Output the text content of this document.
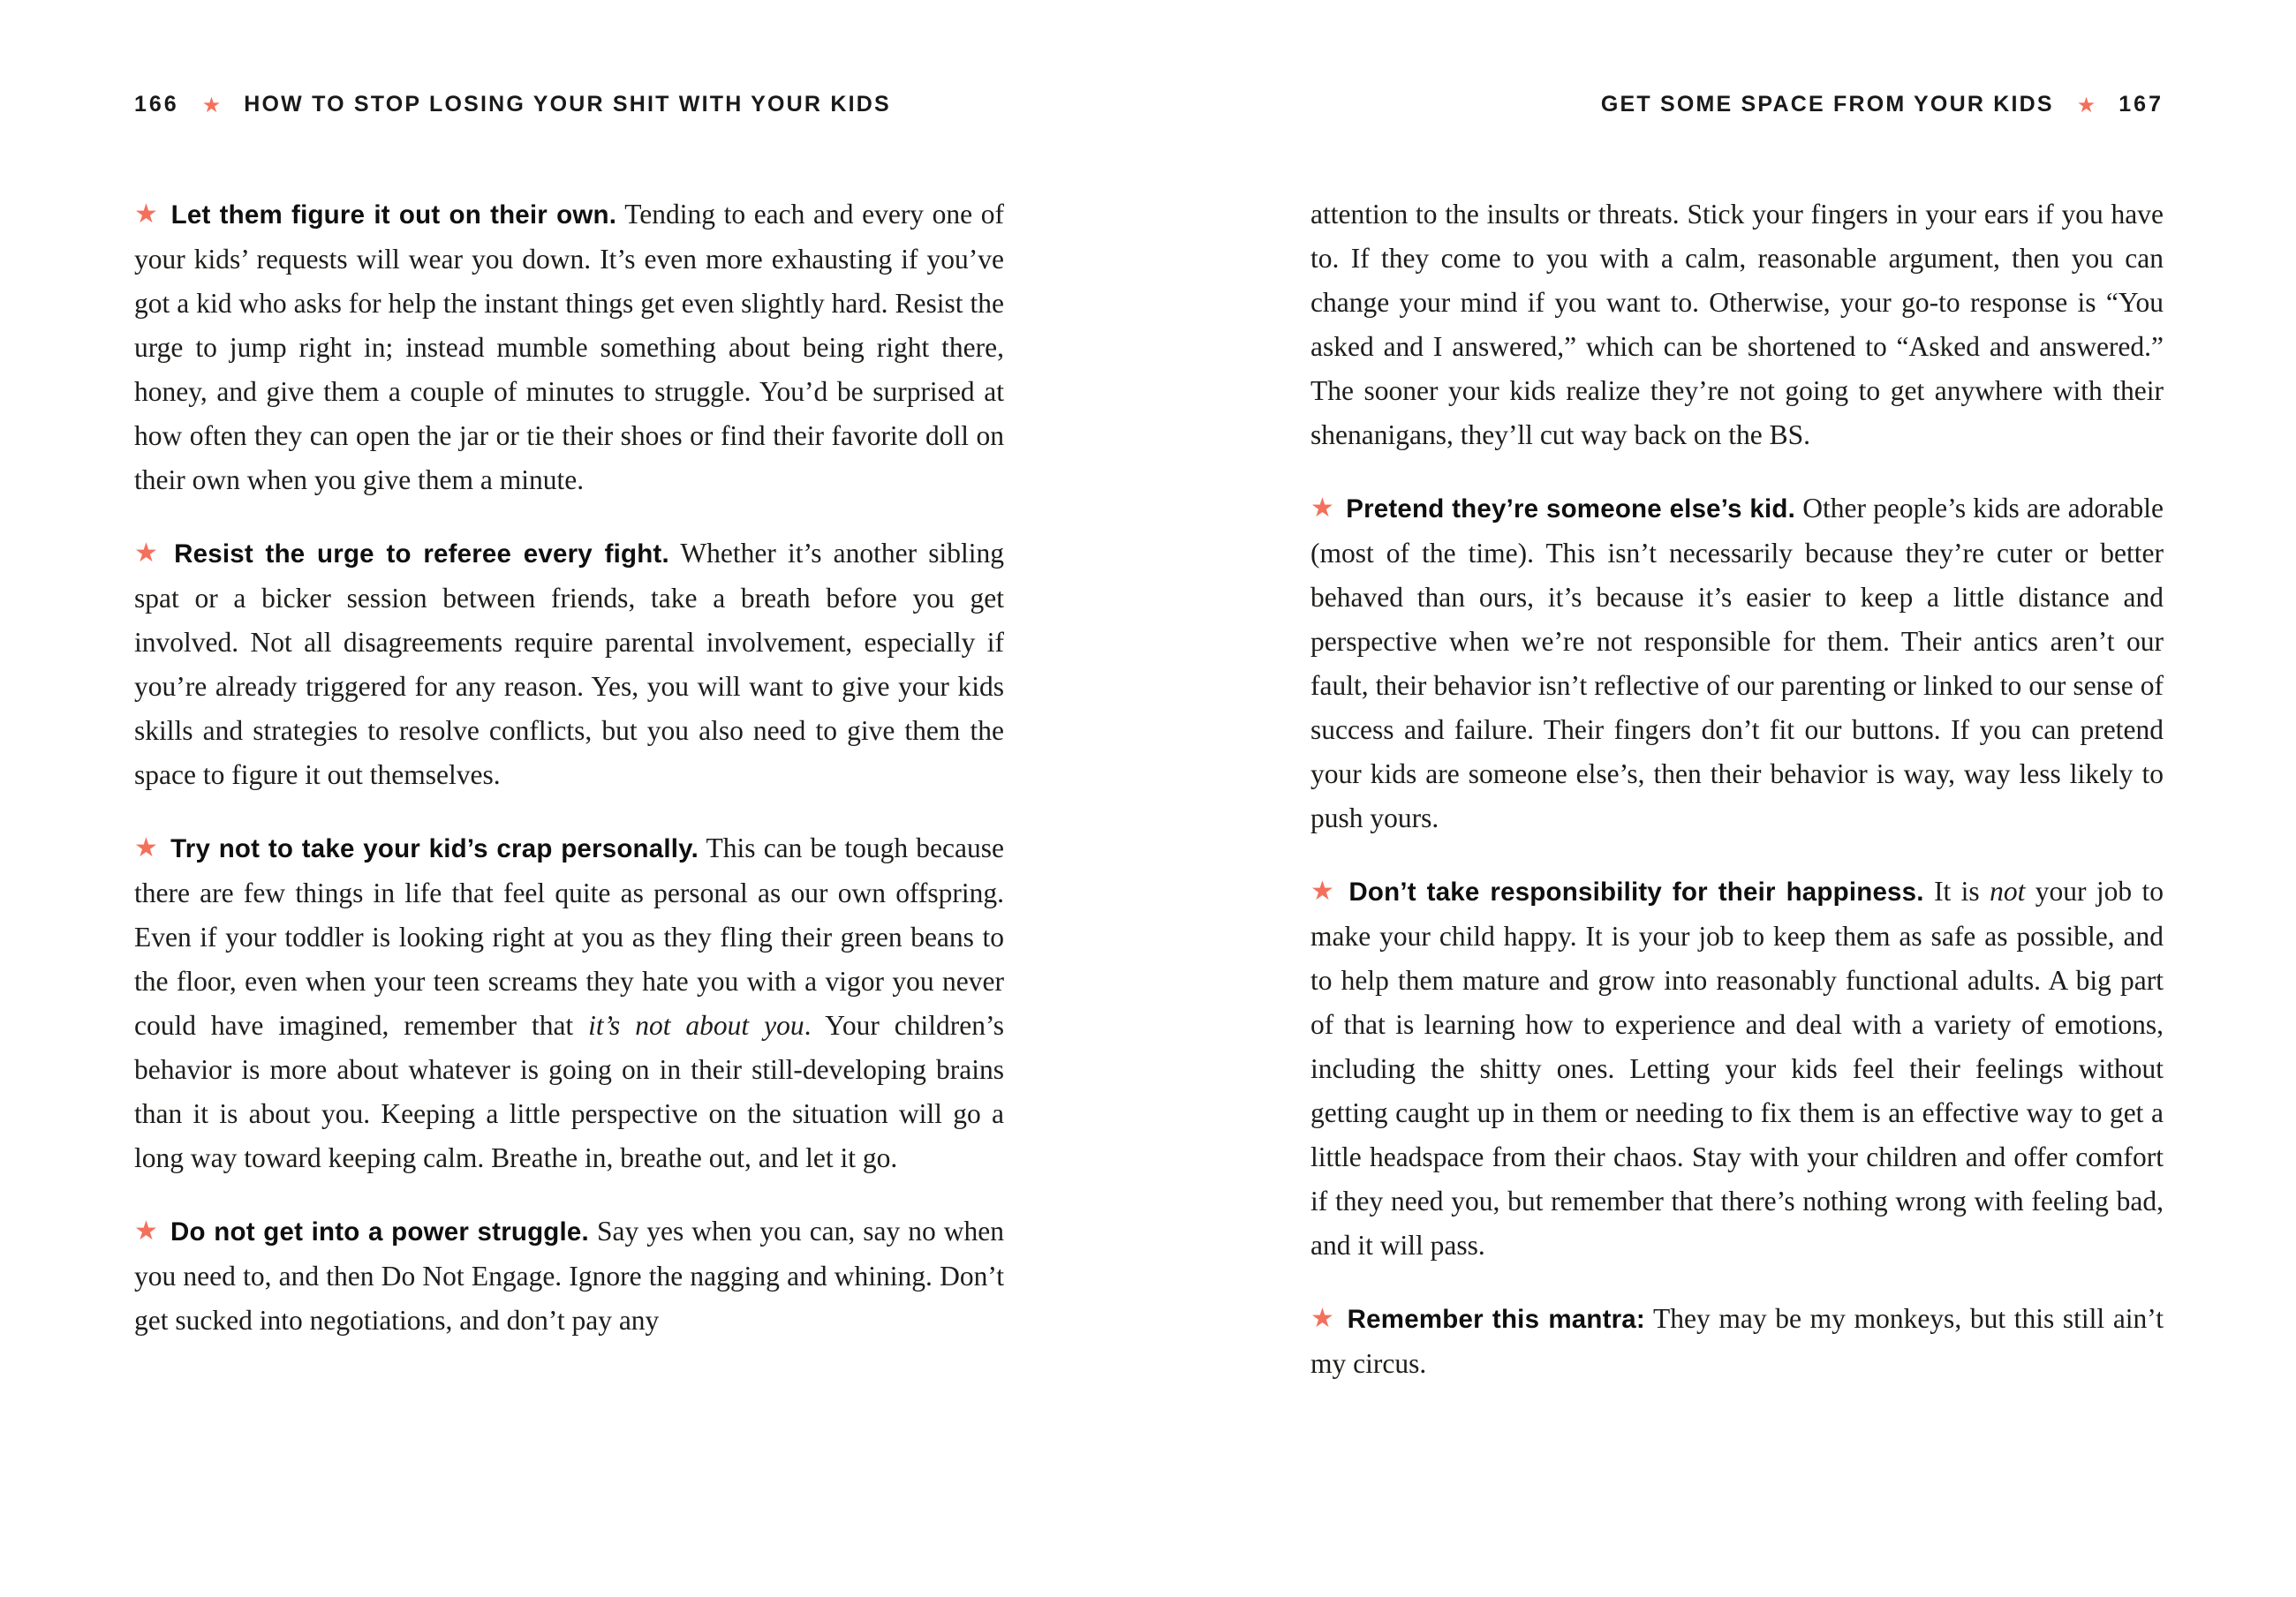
166 ★ HOW TO STOP LOSING YOUR SHIT WITH YOUR KIDS

★ Let them figure it out on their own. Tending to each and every one of your kids’ requests will wear you down. It’s even more exhausting if you’ve got a kid who asks for help the instant things get even slightly hard. Resist the urge to jump right in; instead mumble something about being right there, honey, and give them a couple of minutes to struggle. You’d be surprised at how often they can open the jar or tie their shoes or find their favorite doll on their own when you give them a minute.

★ Resist the urge to referee every fight. Whether it’s another sibling spat or a bicker session between friends, take a breath before you get involved. Not all disagreements require parental involvement, especially if you’re already triggered for any reason. Yes, you will want to give your kids skills and strategies to resolve conflicts, but you also need to give them the space to figure it out themselves.

★ Try not to take your kid’s crap personally. This can be tough because there are few things in life that feel quite as personal as our own offspring. Even if your toddler is looking right at you as they fling their green beans to the floor, even when your teen screams they hate you with a vigor you never could have imagined, remember that it’s not about you. Your children’s behavior is more about whatever is going on in their still-developing brains than it is about you. Keeping a little perspective on the situation will go a long way toward keeping calm. Breathe in, breathe out, and let it go.

★ Do not get into a power struggle. Say yes when you can, say no when you need to, and then Do Not Engage. Ignore the nagging and whining. Don’t get sucked into negotiations, and don’t pay any

GET SOME SPACE FROM YOUR KIDS ★ 167

attention to the insults or threats. Stick your fingers in your ears if you have to. If they come to you with a calm, reasonable argument, then you can change your mind if you want to. Otherwise, your go-to response is “You asked and I answered,” which can be shortened to “Asked and answered.” The sooner your kids realize they’re not going to get anywhere with their shenanigans, they’ll cut way back on the BS.

★ Pretend they’re someone else’s kid. Other people’s kids are adorable (most of the time). This isn’t necessarily because they’re cuter or better behaved than ours, it’s because it’s easier to keep a little distance and perspective when we’re not responsible for them. Their antics aren’t our fault, their behavior isn’t reflective of our parenting or linked to our sense of success and failure. Their fingers don’t fit our buttons. If you can pretend your kids are someone else’s, then their behavior is way, way less likely to push yours.

★ Don’t take responsibility for their happiness. It is not your job to make your child happy. It is your job to keep them as safe as possible, and to help them mature and grow into reasonably functional adults. A big part of that is learning how to experience and deal with a variety of emotions, including the shitty ones. Letting your kids feel their feelings without getting caught up in them or needing to fix them is an effective way to get a little headspace from their chaos. Stay with your children and offer comfort if they need you, but remember that there’s nothing wrong with feeling bad, and it will pass.

★ Remember this mantra: They may be my monkeys, but this still ain’t my circus.
